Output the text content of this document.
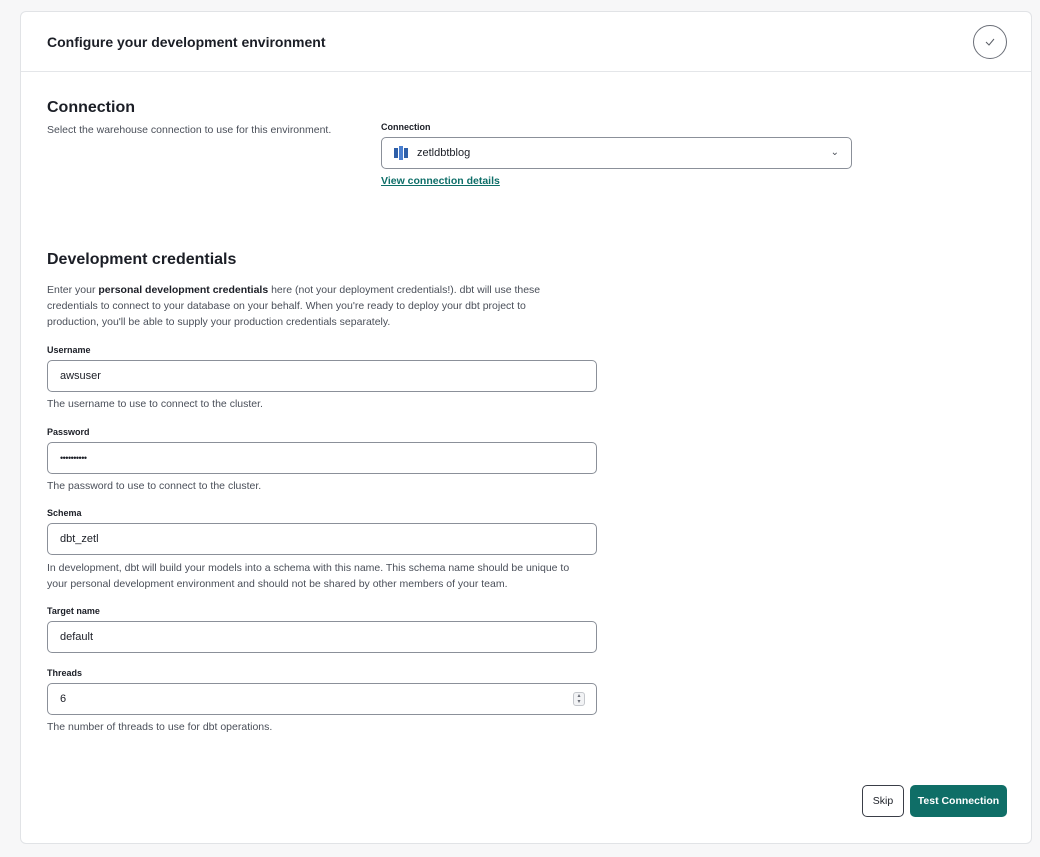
Configure your development environment
Connection
Select the warehouse connection to use for this environment.	Connection
zetldbtblog	⌄
View connection details
Development credentials
Enter your personal development credentials here (not your deployment credentials!). dbt will use these
credentials to connect to your database on your behalf. When you're ready to deploy your dbt project to
production, you'll be able to supply your production credentials separately.
Username
awsuser
The username to use to connect to the cluster.
Password
••••••••••
The password to use to connect to the cluster.
Schema
dbt_zetl
In development, dbt will build your models into a schema with this name. This schema name should be unique to
your personal development environment and should not be shared by other members of your team.
Target name
default
Threads
6	▴
▾
The number of threads to use for dbt operations.
Skip	Test Connection
